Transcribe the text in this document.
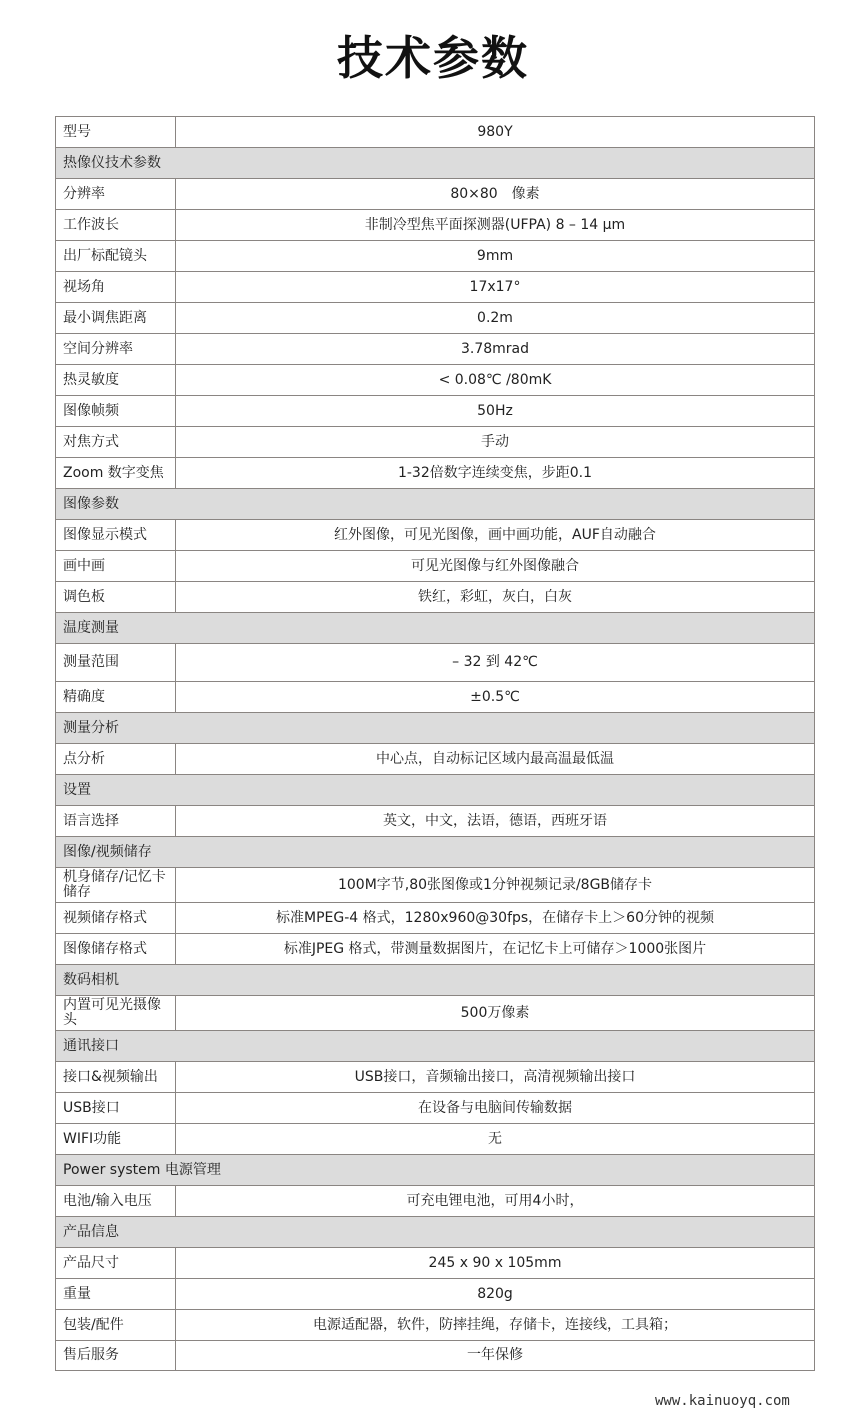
技术参数
型号	980Y
热像仪技术参数	
分辨率	80×80　像素
工作波长	非制冷型焦平面探测器(UFPA) 8 – 14 μm
出厂标配镜头	9mm
视场角	17x17°
最小调焦距离	0.2m
空间分辨率	3.78mrad
热灵敏度	< 0.08℃ /80mK
图像帧频	50Hz
对焦方式	手动
Zoom 数字变焦	1-32倍数字连续变焦，步距0.1
图像参数	
图像显示模式	红外图像，可见光图像，画中画功能，AUF自动融合
画中画	可见光图像与红外图像融合
调色板	铁红，彩虹，灰白，白灰
温度测量	
测量范围	– 32 到 42℃
精确度	±0.5℃
测量分析	
点分析	中心点，自动标记区域内最高温最低温
设置	
语言选择	英文，中文，法语，德语，西班牙语
图像/视频储存	
机身储存/记忆卡储存	100M字节,80张图像或1分钟视频记录/8GB储存卡
视频储存格式	标准MPEG-4 格式，1280x960@30fps，在储存卡上＞60分钟的视频
图像储存格式	标准JPEG 格式，带测量数据图片，在记忆卡上可储存＞1000张图片
数码相机	
内置可见光摄像头	500万像素
通讯接口	
接口&视频输出	USB接口，音频输出接口，高清视频输出接口
USB接口	在设备与电脑间传输数据
WIFI功能	无
Power system 电源管理	
电池/输入电压	可充电锂电池，可用4小时，
产品信息	
产品尺寸	245 x 90 x 105mm
重量	820g
包装/配件	电源适配器，软件，防摔挂绳，存储卡，连接线，工具箱；
售后服务	一年保修
www.kainuoyq.com
